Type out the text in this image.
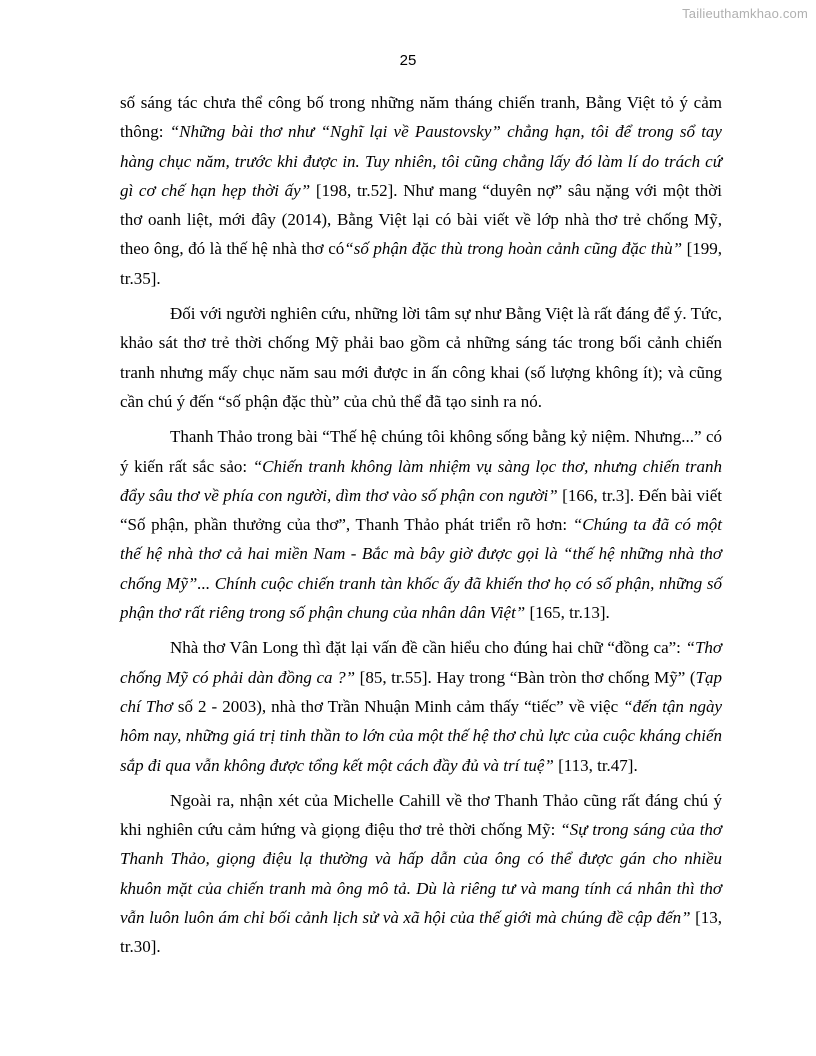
Tailieuthamkhao.com
25

số sáng tác chưa thể công bố trong những năm tháng chiến tranh, Bằng Việt tỏ ý cảm thông: “Những bài thơ như “Nghĩ lại về Paustovsky” chẳng hạn, tôi để trong sổ tay hàng chục năm, trước khi được in. Tuy nhiên, tôi cũng chẳng lấy đó làm lí do trách cứ gì cơ chế hạn hẹp thời ấy” [198, tr.52]. Như mang “duyên nợ” sâu nặng với một thời thơ oanh liệt, mới đây (2014), Bằng Việt lại có bài viết về lớp nhà thơ trẻ chống Mỹ, theo ông, đó là thế hệ nhà thơ có“số phận đặc thù trong hoàn cảnh cũng đặc thù” [199, tr.35].

Đối với người nghiên cứu, những lời tâm sự như Bằng Việt là rất đáng để ý. Tức, khảo sát thơ trẻ thời chống Mỹ phải bao gồm cả những sáng tác trong bối cảnh chiến tranh nhưng mấy chục năm sau mới được in ấn công khai (số lượng không ít); và cũng cần chú ý đến “số phận đặc thù” của chủ thể đã tạo sinh ra nó.

Thanh Thảo trong bài “Thế hệ chúng tôi không sống bằng kỷ niệm. Nhưng...” có ý kiến rất sắc sảo: “Chiến tranh không làm nhiệm vụ sàng lọc thơ, nhưng chiến tranh đẩy sâu thơ về phía con người, dìm thơ vào số phận con người” [166, tr.3]. Đến bài viết “Số phận, phần thưởng của thơ”, Thanh Thảo phát triển rõ hơn: “Chúng ta đã có một thế hệ nhà thơ cả hai miền Nam - Bắc mà bây giờ được gọi là “thế hệ những nhà thơ chống Mỹ”... Chính cuộc chiến tranh tàn khốc ấy đã khiến thơ họ có số phận, những số phận thơ rất riêng trong số phận chung của nhân dân Việt” [165, tr.13].

Nhà thơ Vân Long thì đặt lại vấn đề cần hiểu cho đúng hai chữ “đồng ca”: “Thơ chống Mỹ có phải dàn đồng ca ?” [85, tr.55]. Hay trong “Bàn tròn thơ chống Mỹ” (Tạp chí Thơ số 2 - 2003), nhà thơ Trần Nhuận Minh cảm thấy “tiếc” về việc “đến tận ngày hôm nay, những giá trị tinh thần to lớn của một thế hệ thơ chủ lực của cuộc kháng chiến sắp đi qua vẫn không được tổng kết một cách đầy đủ và trí tuệ” [113, tr.47].

Ngoài ra, nhận xét của Michelle Cahill về thơ Thanh Thảo cũng rất đáng chú ý khi nghiên cứu cảm hứng và giọng điệu thơ trẻ thời chống Mỹ: “Sự trong sáng của thơ Thanh Thảo, giọng điệu lạ thường và hấp dẫn của ông có thể được gán cho nhiều khuôn mặt của chiến tranh mà ông mô tả. Dù là riêng tư và mang tính cá nhân thì thơ vẫn luôn luôn ám chỉ bối cảnh lịch sử và xã hội của thế giới mà chúng đề cập đến” [13, tr.30].
